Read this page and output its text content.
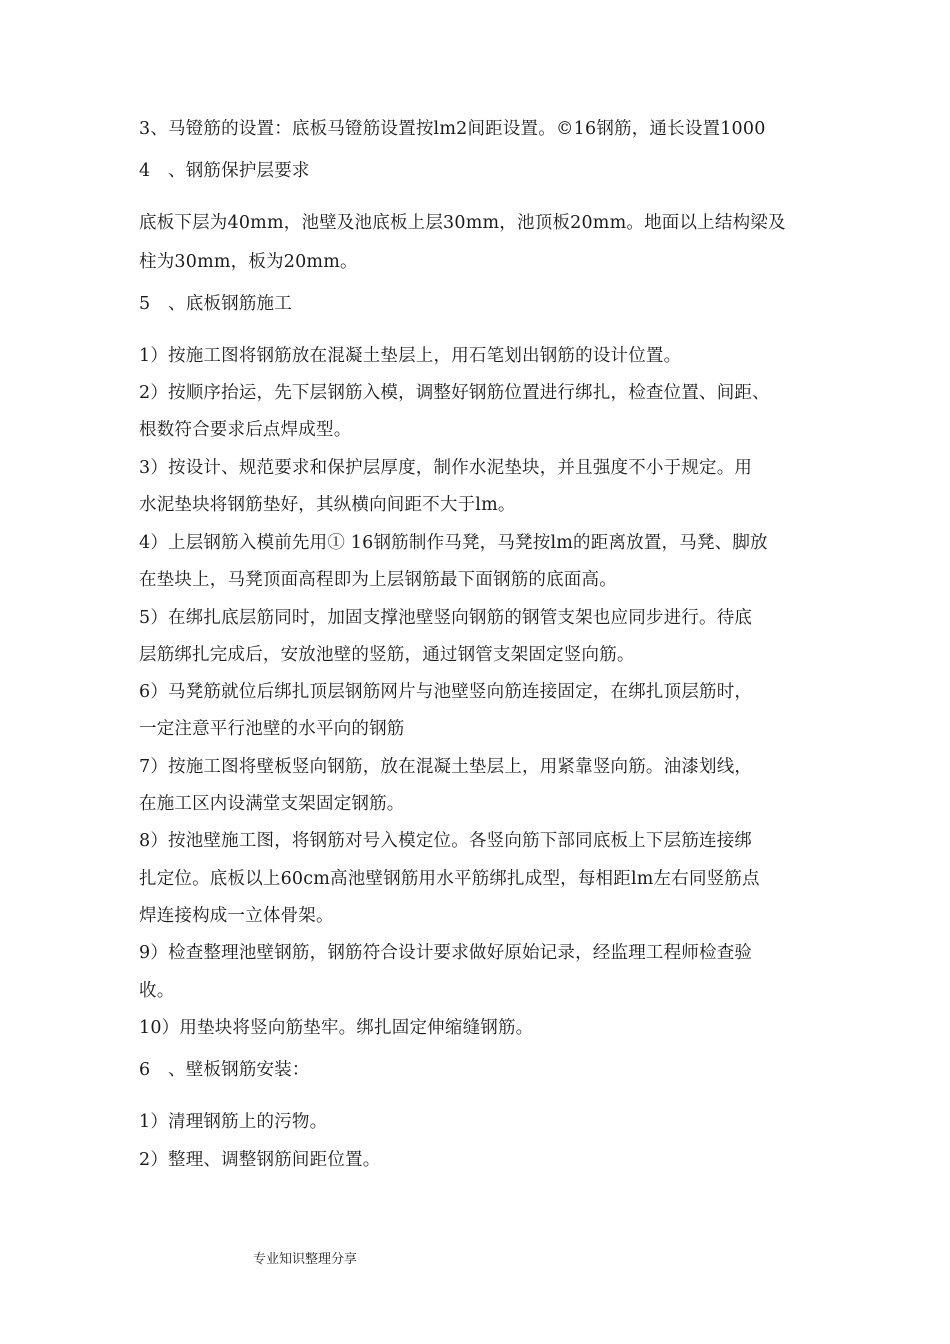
3、马镫筋的设置：底板马镫筋设置按lm2间距设置。©16钢筋，通长设置1000
4　、钢筋保护层要求
底板下层为40mm，池壁及池底板上层30mm，池顶板20mm。地面以上结构梁及
柱为30mm，板为20mm。
5　、底板钢筋施工
1）按施工图将钢筋放在混凝土垫层上，用石笔划出钢筋的设计位置。
2）按顺序抬运，先下层钢筋入模，调整好钢筋位置进行绑扎，检查位置、间距、
根数符合要求后点焊成型。
3）按设计、规范要求和保护层厚度，制作水泥垫块，并且强度不小于规定。用
水泥垫块将钢筋垫好，其纵横向间距不大于lm。
4）上层钢筋入模前先用① 16钢筋制作马凳，马凳按lm的距离放置，马凳、脚放
在垫块上，马凳顶面高程即为上层钢筋最下面钢筋的底面高。
5）在绑扎底层筋同时，加固支撑池壁竖向钢筋的钢管支架也应同步进行。待底
层筋绑扎完成后，安放池壁的竖筋，通过钢管支架固定竖向筋。
6）马凳筋就位后绑扎顶层钢筋网片与池壁竖向筋连接固定，在绑扎顶层筋时，
一定注意平行池壁的水平向的钢筋
7）按施工图将壁板竖向钢筋，放在混凝土垫层上，用紧靠竖向筋。油漆划线，
在施工区内设满堂支架固定钢筋。
8）按池壁施工图，将钢筋对号入模定位。各竖向筋下部同底板上下层筋连接绑
扎定位。底板以上60cm高池壁钢筋用水平筋绑扎成型，每相距lm左右同竖筋点
焊连接构成一立体骨架。
9）检查整理池壁钢筋，钢筋符合设计要求做好原始记录，经监理工程师检查验
收。
10）用垫块将竖向筋垫牢。绑扎固定伸缩缝钢筋。
6　、壁板钢筋安装：
1）清理钢筋上的污物。
2）整理、调整钢筋间距位置。
专业知识整理分享
